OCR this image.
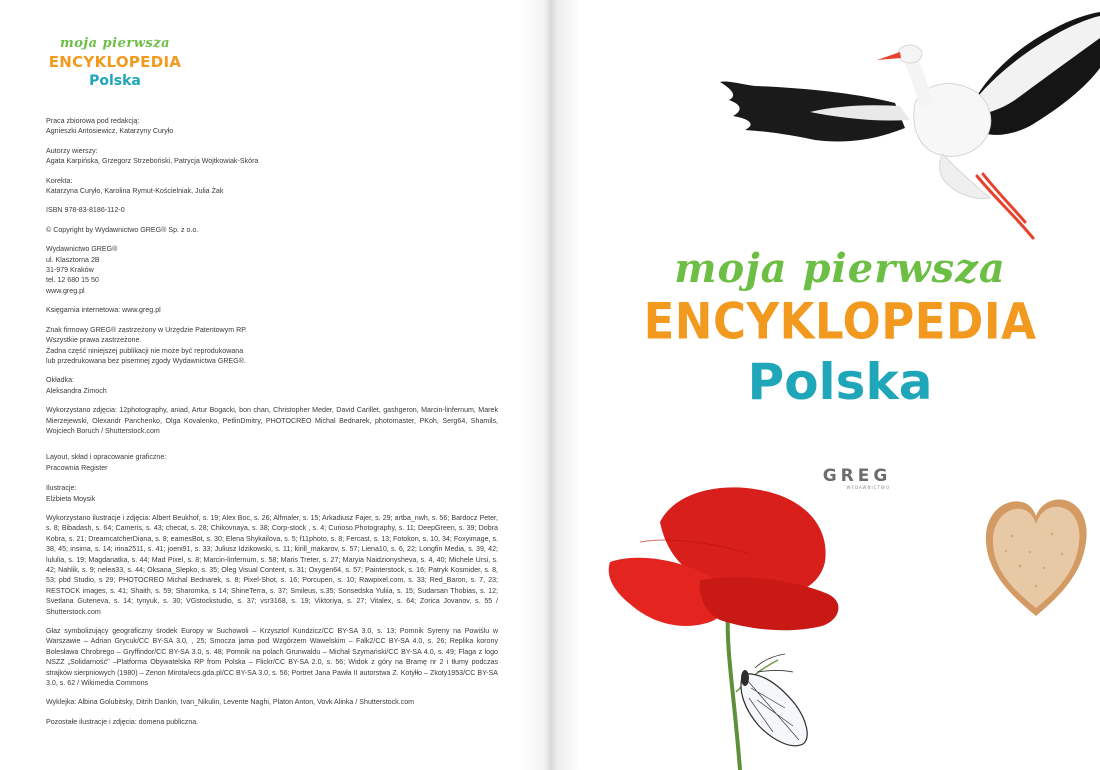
moja pierwsza
ENCYKLOPEDIA
Polska

Praca zbiorowa pod redakcją:
Agnieszki Antosiewicz, Katarzyny Curyło

Autorzy wierszy:
Agata Karpińska, Grzegorz Strzeboński, Patrycja Wojtkowiak-Skóra

Korekta:
Katarzyna Curyło, Karolina Rymut-Kościelniak, Julia Żak

ISBN 978-83-8186-112-0

© Copyright by Wydawnictwo GREG® Sp. z o.o.

Wydawnictwo GREG®
ul. Klasztorna 2B
31-979 Kraków
tel. 12 680 15 50
www.greg.pl

Księgarnia internetowa: www.greg.pl

Znak firmowy GREG® zastrzeżony w Urzędzie Patentowym RP.
Wszystkie prawa zastrzeżone.
Żadna część niniejszej publikacji nie może być reprodukowana
lub przedrukowana bez pisemnej zgody Wydawnictwa GREG®.

Okładka:
Aleksandra Zimoch

Wykorzystano zdjęcia: 12photography, aniad, Artur Bogacki, bon chan, Christopher Meder, David Carillet, gashgeron, Marcin-linfernum, Marek Mierzejewski, Olexandr Panchenko, Olga Kovalenko, PetlinDmitry, PHOTOCREO Michal Bednarek, photomaster, PKoh, Serg64, Shamils, Wojciech Boruch / Shutterstock.com

Layout, skład i opracowanie graficzne:
Pracownia Register

Ilustracje:
Elżbieta Moysik

Wykorzystano ilustracje i zdjęcia: Albert Beukhof, s. 19; Alex Boc, s. 26; Alfmaler, s. 15; Arkadiusz Fajer, s. 29; artba_nwh, s. 56; Bardocz Peter, s. 8; Bibadash, s. 64; Cameris, s. 43; checat, s. 28; Chikovnaya, s. 38; Corp-stock , s. 4; Curioso.Photography, s. 11; DeepGreen, s. 39; Dobra Kobra, s. 21; DreamcatcherDiana, s. 8; eamesBot, s. 30; Elena Shykailova, s. 5; f11photo, s. 8; Fercast, s. 13; Fotokon, s. 10, 34; Foxyimage, s. 38, 45; insima, s. 14; irina2511, s. 41; joeni91, s. 33; Juliusz Idzikowski, s. 11; kirill_makarov, s. 57; Liena10, s. 6, 22; Longfin Media, s. 39, 42; lululia, s. 19; Magdanatka, s. 44; Mad Pixel, s. 8; Marcin-linfernum, s. 58; Maris Treter, s. 27; Maryia Naidzionysheva, s. 4, 40; Michele Ursi, s. 42; Nahlik, s. 9; nelea33, s. 44; Oksana_Slepko, s. 35; Oleg Visual Content, s. 31; Oxygen64, s. 57; Painterstock, s. 16; Patryk Kosmider, s. 8, 53; pbd Studio, s 29; PHOTOCREO Michal Bednarek, s. 8; Pixel-Shot, s. 16; Porcupen, s. 10; Rawpixel.com, s. 33; Red_Baron, s. 7, 23; RESTOCK images, s. 41; Shaith, s. 59; Sharomka, s 14; ShineTerra, s. 37; Smileus, s.35; Sonsedska Yuliia, s. 15; Sudarsan Thobias, s. 12; Svetlana Guteneva, s. 14; tynyuk, s. 30; VGstockstudio, s. 37; vsr3168, s. 19; Viktoriya, s. 27; Vitalex, s. 64; Zorica Jovanov, s. 55 / Shutterstock.com

Głaz symbolizujący geograficzny środek Europy w Suchowoli – Krzysztof Kundzicz/CC BY-SA 3.0, s. 13; Pomnik Syreny na Powiślu w Warszawie – Adrian Grycuk/CC BY-SA 3.0, , 25; Smocza jama pod Wzgórzem Wawelskim – Falk2/CC BY-SA 4.0, s. 26; Replika korony Bolesława Chrobrego – Gryffindor/CC BY-SA 3.0, s. 48; Pomnik na polach Grunwaldu – Michał Szymański/CC BY-SA 4.0, s. 49; Flaga z logo NSZZ „Solidarność" –Platforma Obywatelska RP from Polska – Flickr/CC BY-SA 2.0, s. 56; Widok z góry na Bramę nr 2 i tłumy podczas strajków sierpniowych (1980) – Zenon Mirota/ecs.gda.pl/CC BY-SA 3.0, s. 56; Portret Jana Pawła II autorstwa Z. Kotyłło – Zkoty1953/CC BY-SA 3.0, s. 62 / Wikimedia Commons

Wyklejka: Albina Golubitsky, Ditrih Dankin, Ivan_Nikulin, Levente Naghi, Platon Anton, Vovk Alinka / Shutterstock.com

Pozostałe ilustracje i zdjęcia: domena publiczna.

moja pierwsza
ENCYKLOPEDIA
Polska
GREG
WYDAWNICTWO
